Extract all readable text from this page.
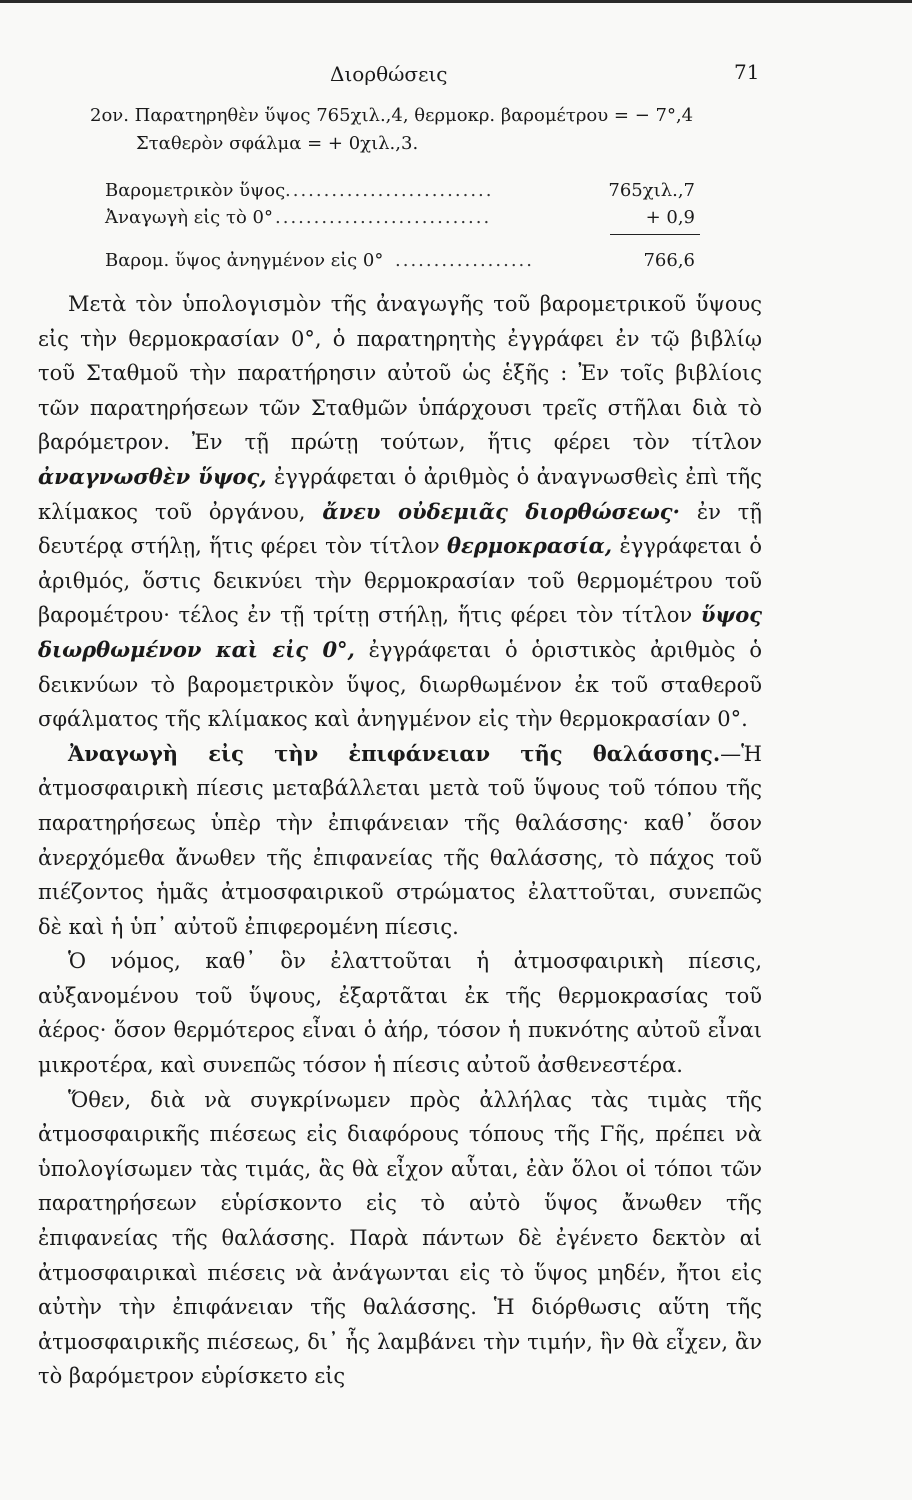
Διορθώσεις	71
2ον. Παρατηρηθὲν ὕψος 765χιλ.,4, θερμοκρ. βαρομέτρου = − 7°,4
Σταθερὸν σφάλμα = + 0χιλ.,3.
Βαρομετρικὸν ὕψος ...........................	765χιλ.,7
Ἀναγωγὴ εἰς τὸ 0° ............................	+ 0,9
Βαρομ. ὕψος ἀνηγμένον εἰς 0° ..................	766,6

Μετὰ τὸν ὑπολογισμὸν τῆς ἀναγωγῆς τοῦ βαρομετρικοῦ ὕψους εἰς τὴν θερμοκρασίαν 0°, ὁ παρατηρητὴς ἐγγράφει ἐν τῷ βιβλίῳ τοῦ Σταθμοῦ τὴν παρατήρησιν αὐτοῦ ὡς ἑξῆς : Ἐν τοῖς βιβλίοις τῶν παρατηρήσεων τῶν Σταθμῶν ὑπάρχουσι τρεῖς στῆλαι διὰ τὸ βαρόμετρον. Ἐν τῇ πρώτῃ τούτων, ἥτις φέρει τὸν τίτλον ἀναγνωσθὲν ὕψος, ἐγγράφεται ὁ ἀριθμὸς ὁ ἀναγνωσθεὶς ἐπὶ τῆς κλίμακος τοῦ ὀργάνου, ἄνευ οὐδεμιᾶς διορθώσεως· ἐν τῇ δευτέρᾳ στήλῃ, ἥτις φέρει τὸν τίτλον θερμοκρασία, ἐγγράφεται ὁ ἀριθμός, ὅστις δεικνύει τὴν θερμοκρασίαν τοῦ θερμομέτρου τοῦ βαρομέτρου· τέλος ἐν τῇ τρίτῃ στήλῃ, ἥτις φέρει τὸν τίτλον ὕψος διωρθωμένον καὶ εἰς 0°, ἐγγράφεται ὁ ὁριστικὸς ἀριθμὸς ὁ δεικνύων τὸ βαρομετρικὸν ὕψος, διωρθωμένον ἐκ τοῦ σταθεροῦ σφάλματος τῆς κλίμακος καὶ ἀνηγμένον εἰς τὴν θερμοκρασίαν 0°.

Ἀναγωγὴ εἰς τὴν ἐπιφάνειαν τῆς θαλάσσης.—Ἡ ἀτμοσφαιρικὴ πίεσις μεταβάλλεται μετὰ τοῦ ὕψους τοῦ τόπου τῆς παρατηρήσεως ὑπὲρ τὴν ἐπιφάνειαν τῆς θαλάσσης· καθ᾽ ὅσον ἀνερχόμεθα ἄνωθεν τῆς ἐπιφανείας τῆς θαλάσσης, τὸ πάχος τοῦ πιέζοντος ἡμᾶς ἀτμοσφαιρικοῦ στρώματος ἐλαττοῦται, συνεπῶς δὲ καὶ ἡ ὑπ᾽ αὐτοῦ ἐπιφερομένη πίεσις.

Ὁ νόμος, καθ᾽ ὃν ἐλαττοῦται ἡ ἀτμοσφαιρικὴ πίεσις, αὐξανομένου τοῦ ὕψους, ἐξαρτᾶται ἐκ τῆς θερμοκρασίας τοῦ ἀέρος· ὅσον θερμότερος εἶναι ὁ ἀήρ, τόσον ἡ πυκνότης αὐτοῦ εἶναι μικροτέρα, καὶ συνεπῶς τόσον ἡ πίεσις αὐτοῦ ἀσθενεστέρα.

Ὅθεν, διὰ νὰ συγκρίνωμεν πρὸς ἀλλήλας τὰς τιμὰς τῆς ἀτμοσφαιρικῆς πιέσεως εἰς διαφόρους τόπους τῆς Γῆς, πρέπει νὰ ὑπολογίσωμεν τὰς τιμάς, ἃς θὰ εἶχον αὗται, ἐὰν ὅλοι οἱ τόποι τῶν παρατηρήσεων εὑρίσκοντο εἰς τὸ αὐτὸ ὕψος ἄνωθεν τῆς ἐπιφανείας τῆς θαλάσσης. Παρὰ πάντων δὲ ἐγένετο δεκτὸν αἱ ἀτμοσφαιρικαὶ πιέσεις νὰ ἀνάγωνται εἰς τὸ ὕψος μηδέν, ἤτοι εἰς αὐτὴν τὴν ἐπιφάνειαν τῆς θαλάσσης. Ἡ διόρθωσις αὕτη τῆς ἀτμοσφαιρικῆς πιέσεως, δι᾽ ἧς λαμβάνει τὴν τιμήν, ἣν θὰ εἶχεν, ἂν τὸ βαρόμετρον εὑρίσκετο εἰς
